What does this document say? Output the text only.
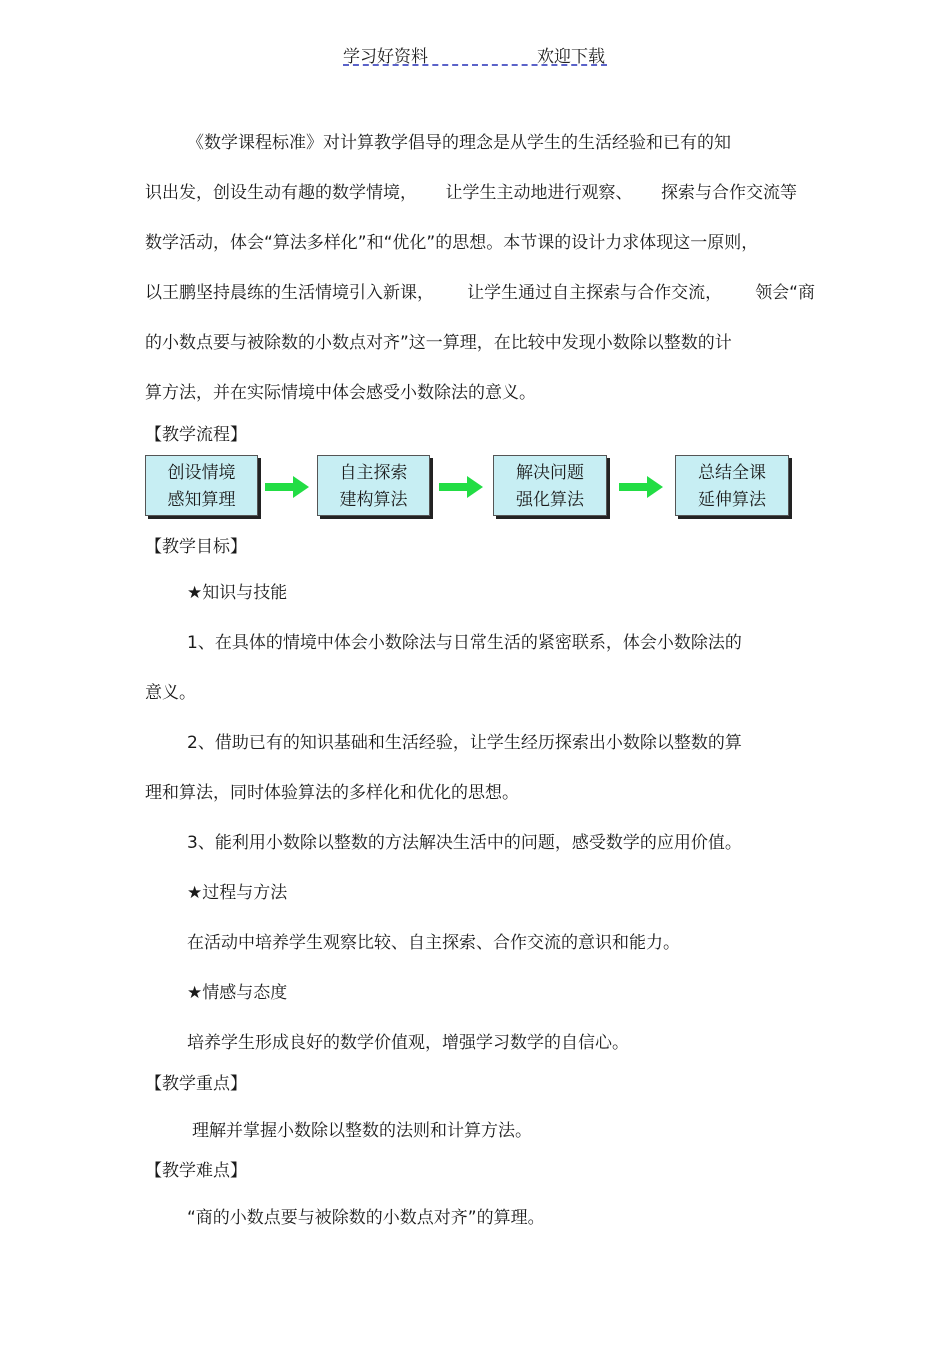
学习好资料	欢迎下载
《数学课程标准》对计算教学倡导的理念是从学生的生活经验和已有的知
识出发，创设生动有趣的数学情境， 让学生主动地进行观察、 探索与合作交流等
数学活动，体会“算法多样化”和“优化”的思想。本节课的设计力求体现这一原则，
以王鹏坚持晨练的生活情境引入新课， 让学生通过自主探索与合作交流， 领会“商
的小数点要与被除数的小数点对齐”这一算理，在比较中发现小数除以整数的计
算方法，并在实际情境中体会感受小数除法的意义。
【教学流程】
创设情境
感知算理
自主探索
建构算法
解决问题
强化算法
总结全课
延伸算法
【教学目标】
★知识与技能
1、在具体的情境中体会小数除法与日常生活的紧密联系，体会小数除法的
意义。
2、借助已有的知识基础和生活经验，让学生经历探索出小数除以整数的算
理和算法，同时体验算法的多样化和优化的思想。
3、能利用小数除以整数的方法解决生活中的问题，感受数学的应用价值。
★过程与方法
在活动中培养学生观察比较、自主探索、合作交流的意识和能力。
★情感与态度
培养学生形成良好的数学价值观，增强学习数学的自信心。
【教学重点】
理解并掌握小数除以整数的法则和计算方法。
【教学难点】
“商的小数点要与被除数的小数点对齐”的算理。
